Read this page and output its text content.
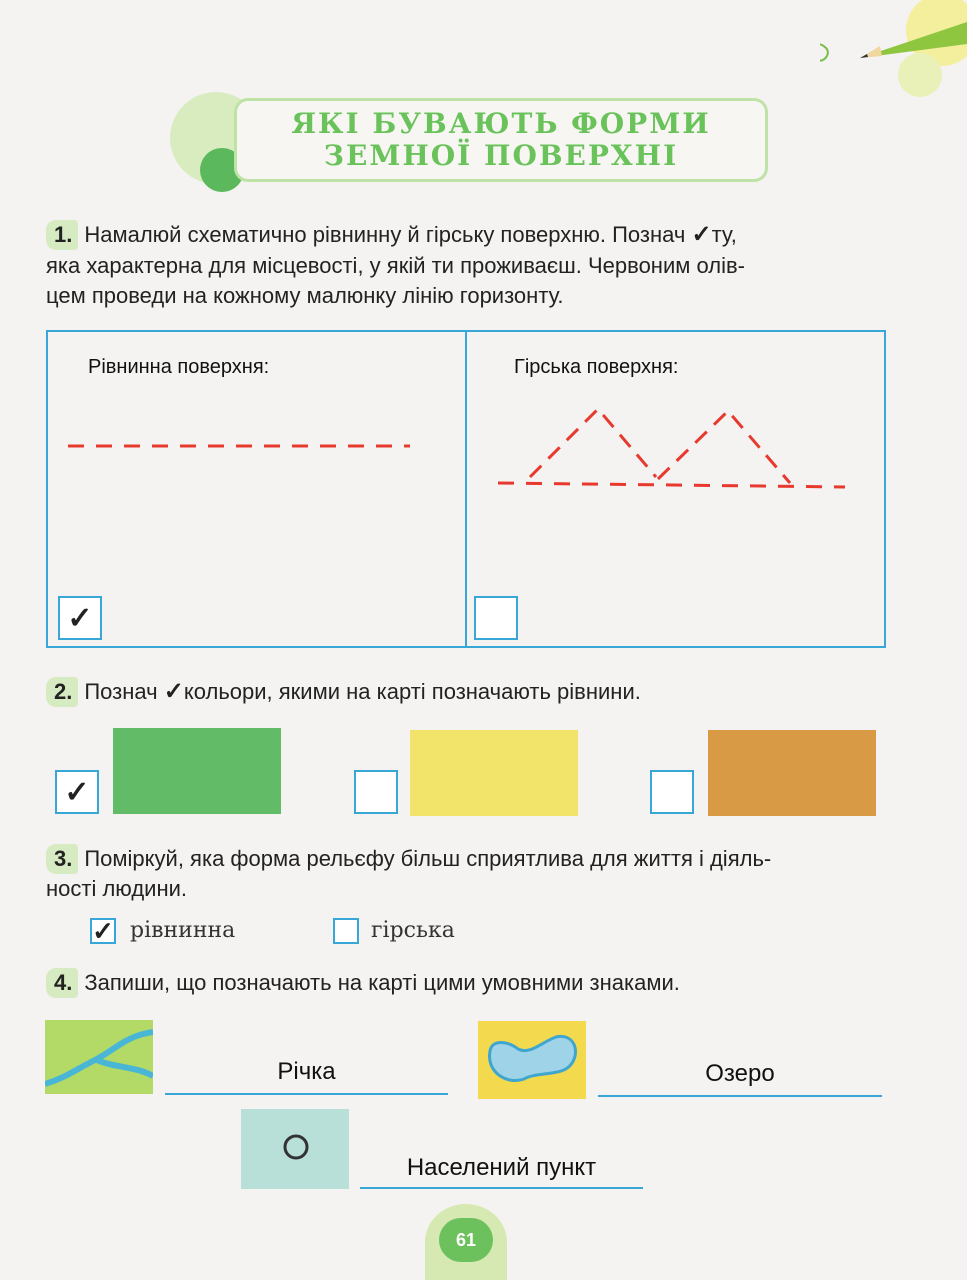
ЯКІ БУВАЮТЬ ФОРМИ
ЗЕМНОЇ ПОВЕРХНІ
1. Намалюй схематично рівнинну й гірську поверхню. Познач ✓ту,
яка характерна для місцевості, у якій ти проживаєш. Червоним олів-
цем проведи на кожному малюнку лінію горизонту.
Рівнинна поверхня:	Гірська поверхня:
✓
2. Познач ✓кольори, якими на карті позначають рівнини.
✓
3. Поміркуй, яка форма рельєфу більш сприятлива для життя і діяль-
ності людини.
✓ рівнинна	гірська
4. Запиши, що позначають на карті цими умовними знаками.
Річка	Озеро
Населений пункт
61
